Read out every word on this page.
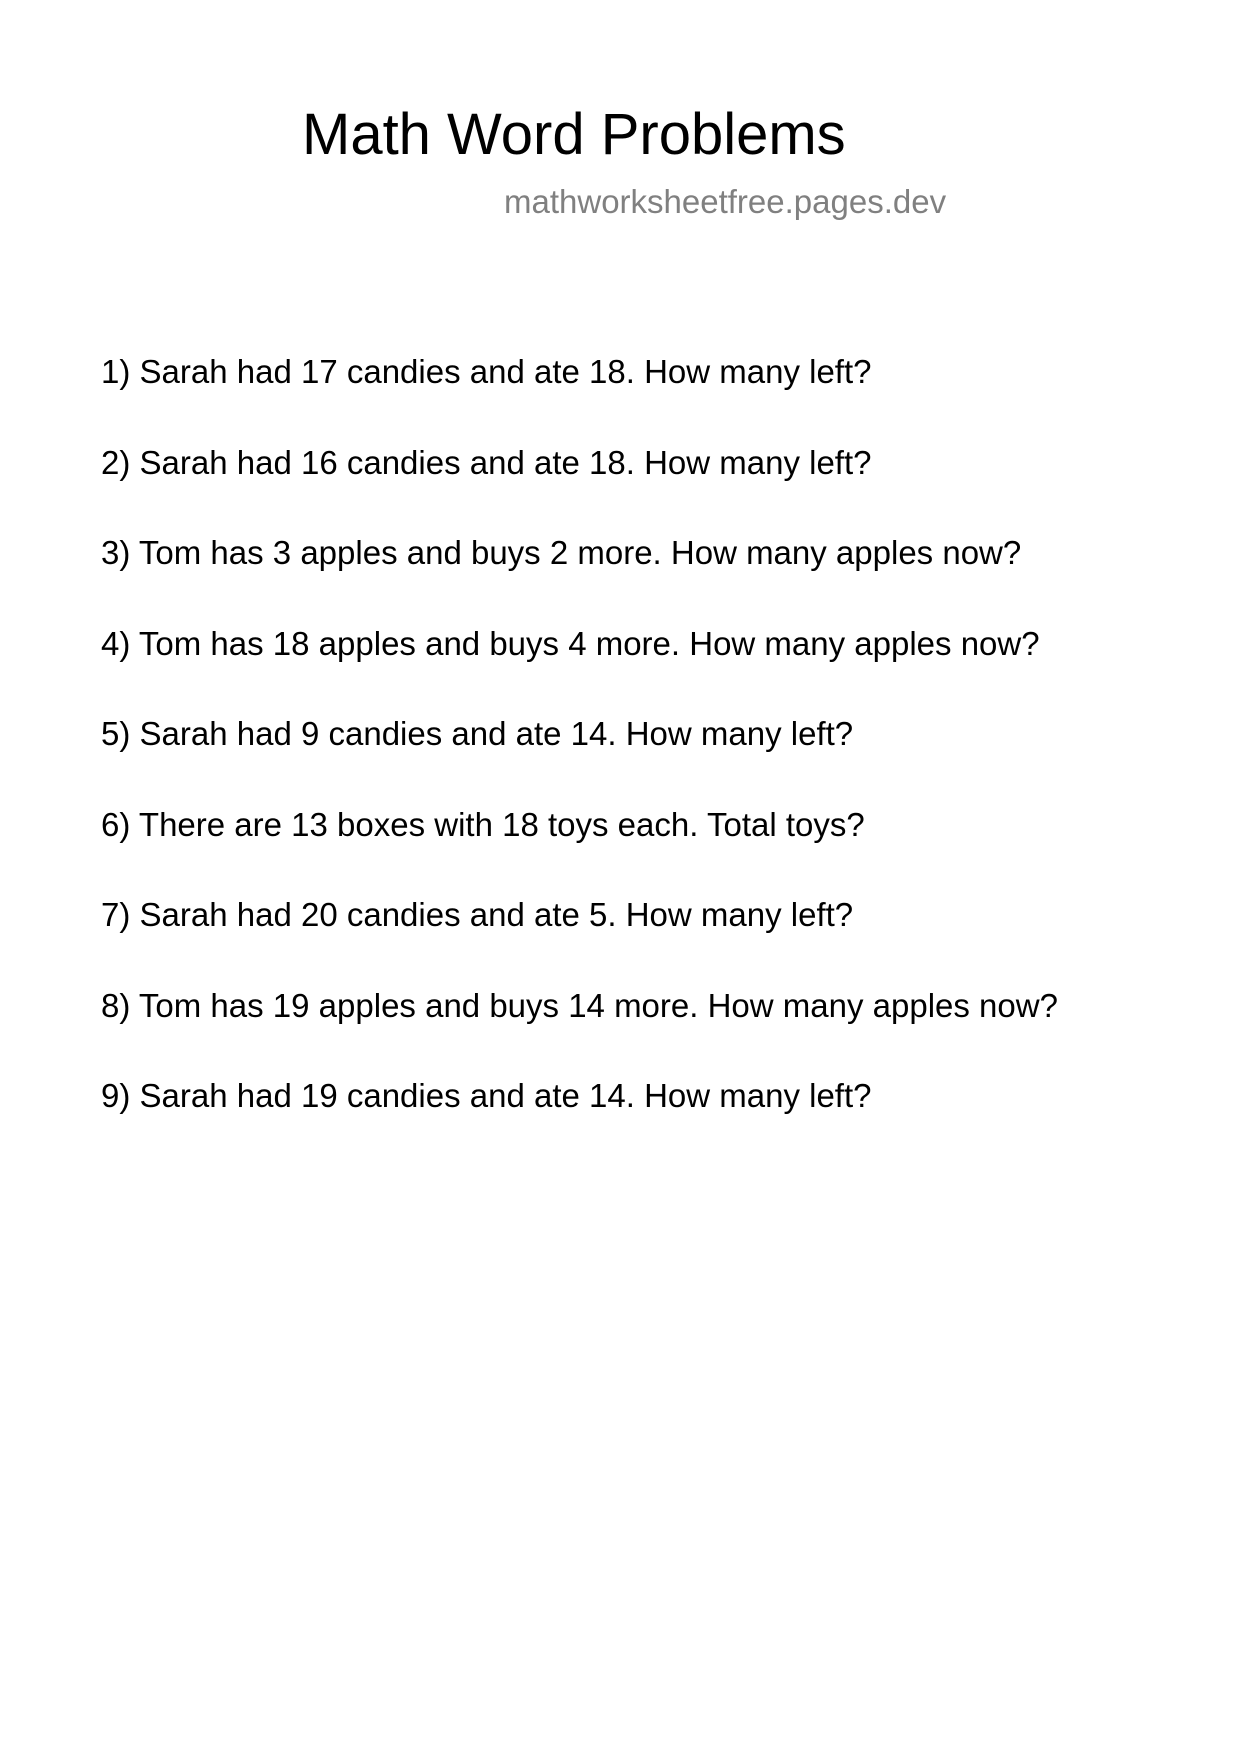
Math Word Problems
mathworksheetfree.pages.dev
1) Sarah had 17 candies and ate 18. How many left?
2) Sarah had 16 candies and ate 18. How many left?
3) Tom has 3 apples and buys 2 more. How many apples now?
4) Tom has 18 apples and buys 4 more. How many apples now?
5) Sarah had 9 candies and ate 14. How many left?
6) There are 13 boxes with 18 toys each. Total toys?
7) Sarah had 20 candies and ate 5. How many left?
8) Tom has 19 apples and buys 14 more. How many apples now?
9) Sarah had 19 candies and ate 14. How many left?
